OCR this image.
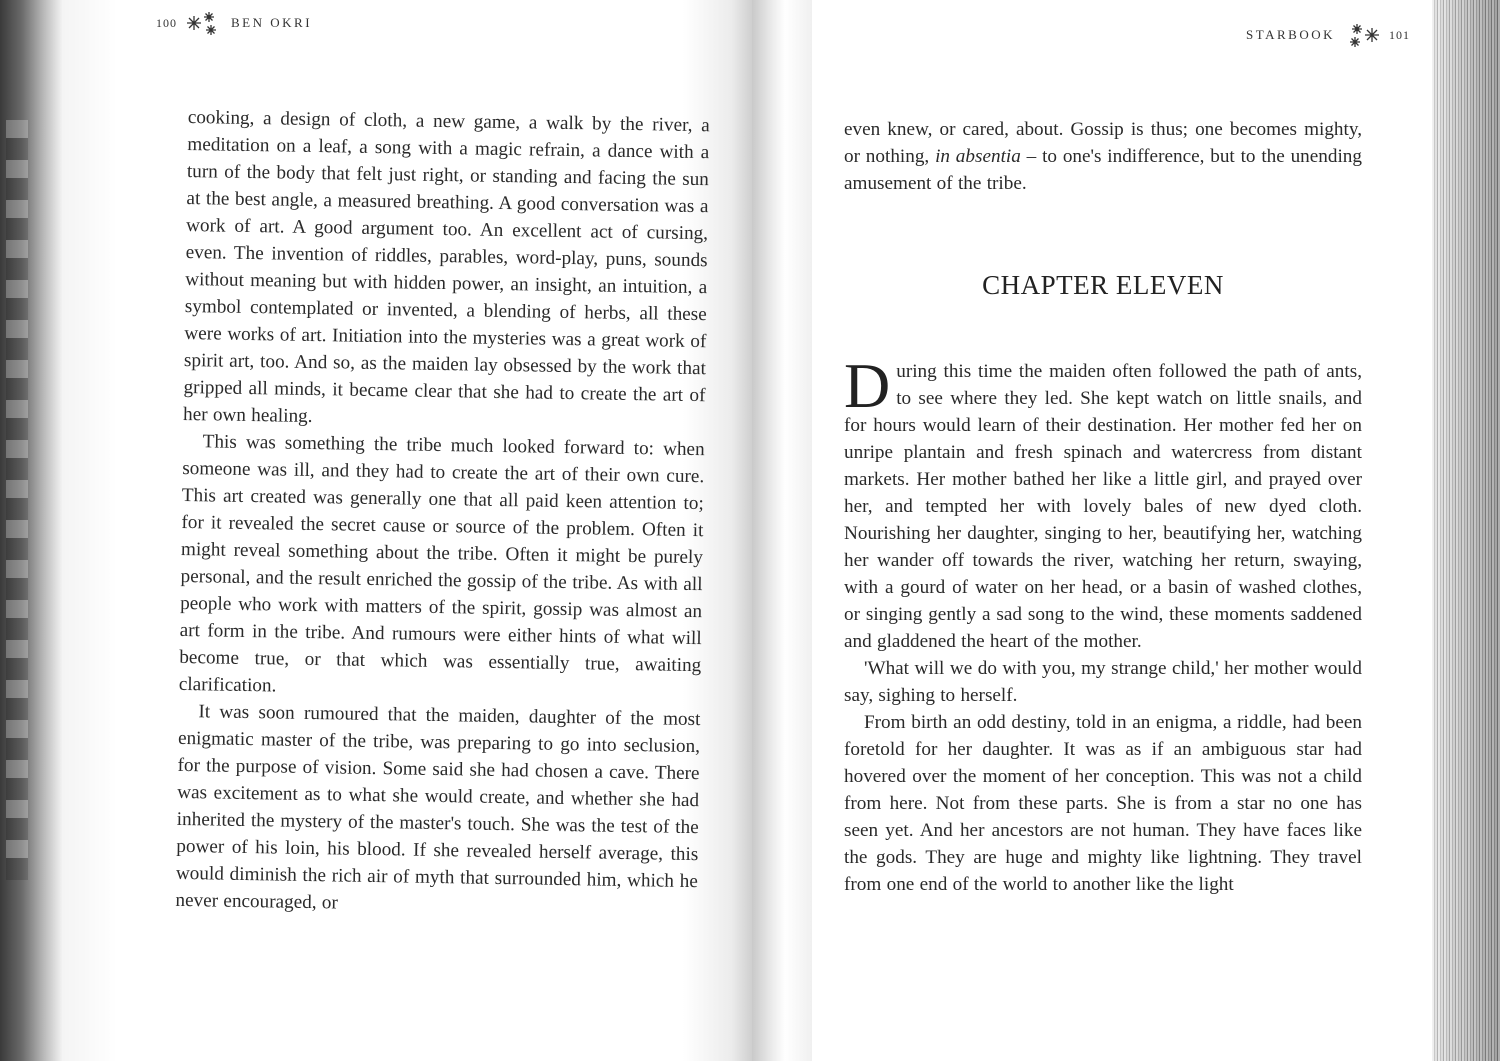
100	BEN OKRI

cooking, a design of cloth, a new game, a walk by the river, a meditation on a leaf, a song with a magic refrain, a dance with a turn of the body that felt just right, or standing and facing the sun at the best angle, a measured breathing. A good conversation was a work of art. A good argument too. An excellent act of cursing, even. The invention of riddles, parables, word-play, puns, sounds without meaning but with hidden power, an insight, an intuition, a symbol contemplated or invented, a blending of herbs, all these were works of art. Initiation into the mysteries was a great work of spirit art, too. And so, as the maiden lay obsessed by the work that gripped all minds, it became clear that she had to create the art of her own healing.

This was something the tribe much looked forward to: when someone was ill, and they had to create the art of their own cure. This art created was generally one that all paid keen attention to; for it revealed the secret cause or source of the problem. Often it might reveal something about the tribe. Often it might be purely personal, and the result enriched the gossip of the tribe. As with all people who work with matters of the spirit, gossip was almost an art form in the tribe. And rumours were either hints of what will become true, or that which was essentially true, awaiting clarification.

It was soon rumoured that the maiden, daughter of the most enigmatic master of the tribe, was preparing to go into seclusion, for the purpose of vision. Some said she had chosen a cave. There was excitement as to what she would create, and whether she had inherited the mystery of the master's touch. She was the test of the power of his loin, his blood. If she revealed herself average, this would diminish the rich air of myth that surrounded him, which he never encouraged, or

STARBOOK	101

even knew, or cared, about. Gossip is thus; one becomes mighty, or nothing, in absentia – to one's indifference, but to the unending amusement of the tribe.

CHAPTER ELEVEN

During this time the maiden often followed the path of ants, to see where they led. She kept watch on little snails, and for hours would learn of their destination. Her mother fed her on unripe plantain and fresh spinach and watercress from distant markets. Her mother bathed her like a little girl, and prayed over her, and tempted her with lovely bales of new dyed cloth. Nourishing her daughter, singing to her, beautifying her, watching her wander off towards the river, watching her return, swaying, with a gourd of water on her head, or a basin of washed clothes, or singing gently a sad song to the wind, these moments saddened and gladdened the heart of the mother.

'What will we do with you, my strange child,' her mother would say, sighing to herself.

From birth an odd destiny, told in an enigma, a riddle, had been foretold for her daughter. It was as if an ambiguous star had hovered over the moment of her conception. This was not a child from here. Not from these parts. She is from a star no one has seen yet. And her ancestors are not human. They have faces like the gods. They are huge and mighty like lightning. They travel from one end of the world to another like the light
